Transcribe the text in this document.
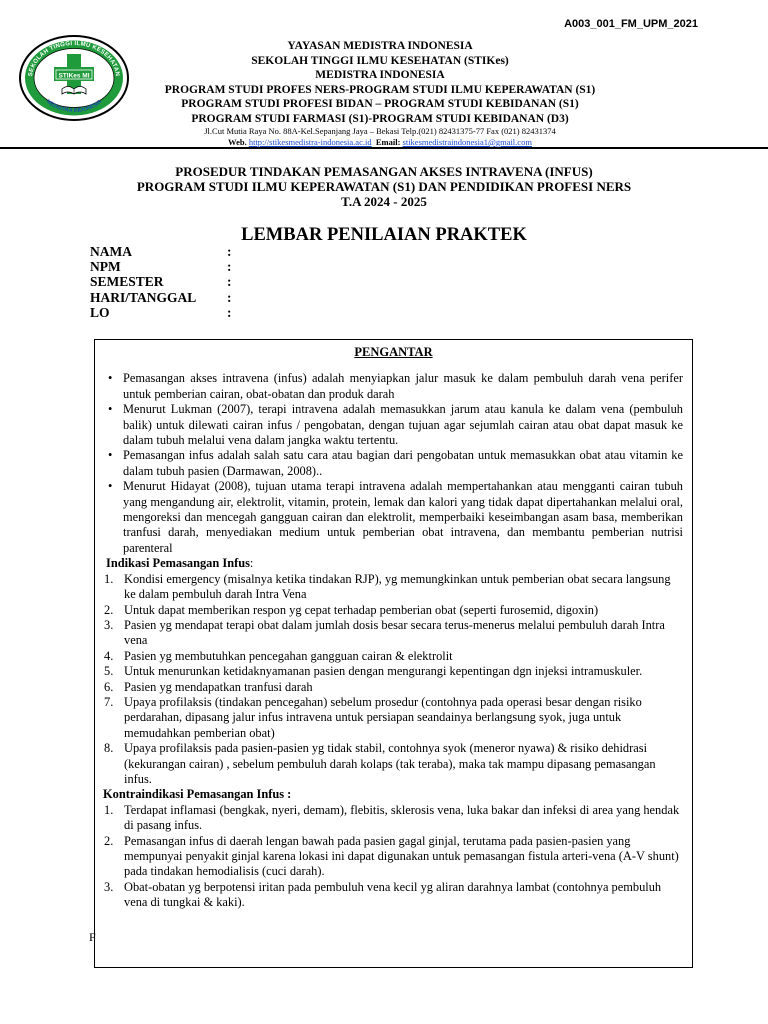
A003_001_FM_UPM_2021
SEKOLAH TINGGI ILMU KESEHATAN
MEDISTRA INDONESIA
STIKes MI
YAYASAN MEDISTRA INDONESIA
SEKOLAH TINGGI ILMU KESEHATAN (STIKes)
MEDISTRA INDONESIA
PROGRAM STUDI PROFES NERS-PROGRAM STUDI ILMU KEPERAWATAN (S1)
PROGRAM STUDI PROFESI BIDAN – PROGRAM STUDI KEBIDANAN (S1)
PROGRAM STUDI FARMASI (S1)-PROGRAM STUDI KEBIDANAN (D3)
Jl.Cut Mutia Raya No. 88A-Kel.Sepanjang Jaya – Bekasi Telp.(021) 82431375-77 Fax (021) 82431374
Web. http://stikesmedistra-indonesia.ac.id Email: stikesmedistraindonesia1@gmail.com
PROSEDUR TINDAKAN PEMASANGAN AKSES INTRAVENA (INFUS)
PROGRAM STUDI ILMU KEPERAWATAN (S1) DAN PENDIDIKAN PROFESI NERS
T.A 2024 - 2025
LEMBAR PENILAIAN PRAKTEK
NAMA	:
NPM	:
SEMESTER	:
HARI/TANGGAL	:
LO	:
PENGANTAR
• Pemasangan akses intravena (infus) adalah menyiapkan jalur masuk ke dalam pembuluh darah vena perifer untuk pemberian cairan, obat-obatan dan produk darah
• Menurut Lukman (2007), terapi intravena adalah memasukkan jarum atau kanula ke dalam vena (pembuluh balik) untuk dilewati cairan infus / pengobatan, dengan tujuan agar sejumlah cairan atau obat dapat masuk ke dalam tubuh melalui vena dalam jangka waktu tertentu.
• Pemasangan infus adalah salah satu cara atau bagian dari pengobatan untuk memasukkan obat atau vitamin ke dalam tubuh pasien (Darmawan, 2008)..
• Menurut Hidayat (2008), tujuan utama terapi intravena adalah mempertahankan atau mengganti cairan tubuh yang mengandung air, elektrolit, vitamin, protein, lemak dan kalori yang tidak dapat dipertahankan melalui oral, mengoreksi dan mencegah gangguan cairan dan elektrolit, memperbaiki keseimbangan asam basa, memberikan tranfusi darah, menyediakan medium untuk pemberian obat intravena, dan membantu pemberian nutrisi parenteral
Indikasi Pemasangan Infus:
1. Kondisi emergency (misalnya ketika tindakan RJP), yg memungkinkan untuk pemberian obat secara langsung ke dalam pembuluh darah Intra Vena
2. Untuk dapat memberikan respon yg cepat terhadap pemberian obat (seperti furosemid, digoxin)
3. Pasien yg mendapat terapi obat dalam jumlah dosis besar secara terus-menerus melalui pembuluh darah Intra vena
4. Pasien yg membutuhkan pencegahan gangguan cairan & elektrolit
5. Untuk menurunkan ketidaknyamanan pasien dengan mengurangi kepentingan dgn injeksi intramuskuler.
6. Pasien yg mendapatkan tranfusi darah
7. Upaya profilaksis (tindakan pencegahan) sebelum prosedur (contohnya pada operasi besar dengan risiko perdarahan, dipasang jalur infus intravena untuk persiapan seandainya berlangsung syok, juga untuk memudahkan pemberian obat)
8. Upaya profilaksis pada pasien-pasien yg tidak stabil, contohnya syok (meneror nyawa) & risiko dehidrasi (kekurangan cairan) , sebelum pembuluh darah kolaps (tak teraba), maka tak mampu dipasang pemasangan infus.
Kontraindikasi Pemasangan Infus :
1. Terdapat inflamasi (bengkak, nyeri, demam), flebitis, sklerosis vena, luka bakar dan infeksi di area yang hendak di pasang infus.
2. Pemasangan infus di daerah lengan bawah pada pasien gagal ginjal, terutama pada pasien-pasien yang mempunyai penyakit ginjal karena lokasi ini dapat digunakan untuk pemasangan fistula arteri-vena (A-V shunt) pada tindakan hemodialisis (cuci darah).
3. Obat-obatan yg berpotensi iritan pada pembuluh vena kecil yg aliran darahnya lambat (contohnya pembuluh vena di tungkai & kaki).
F
